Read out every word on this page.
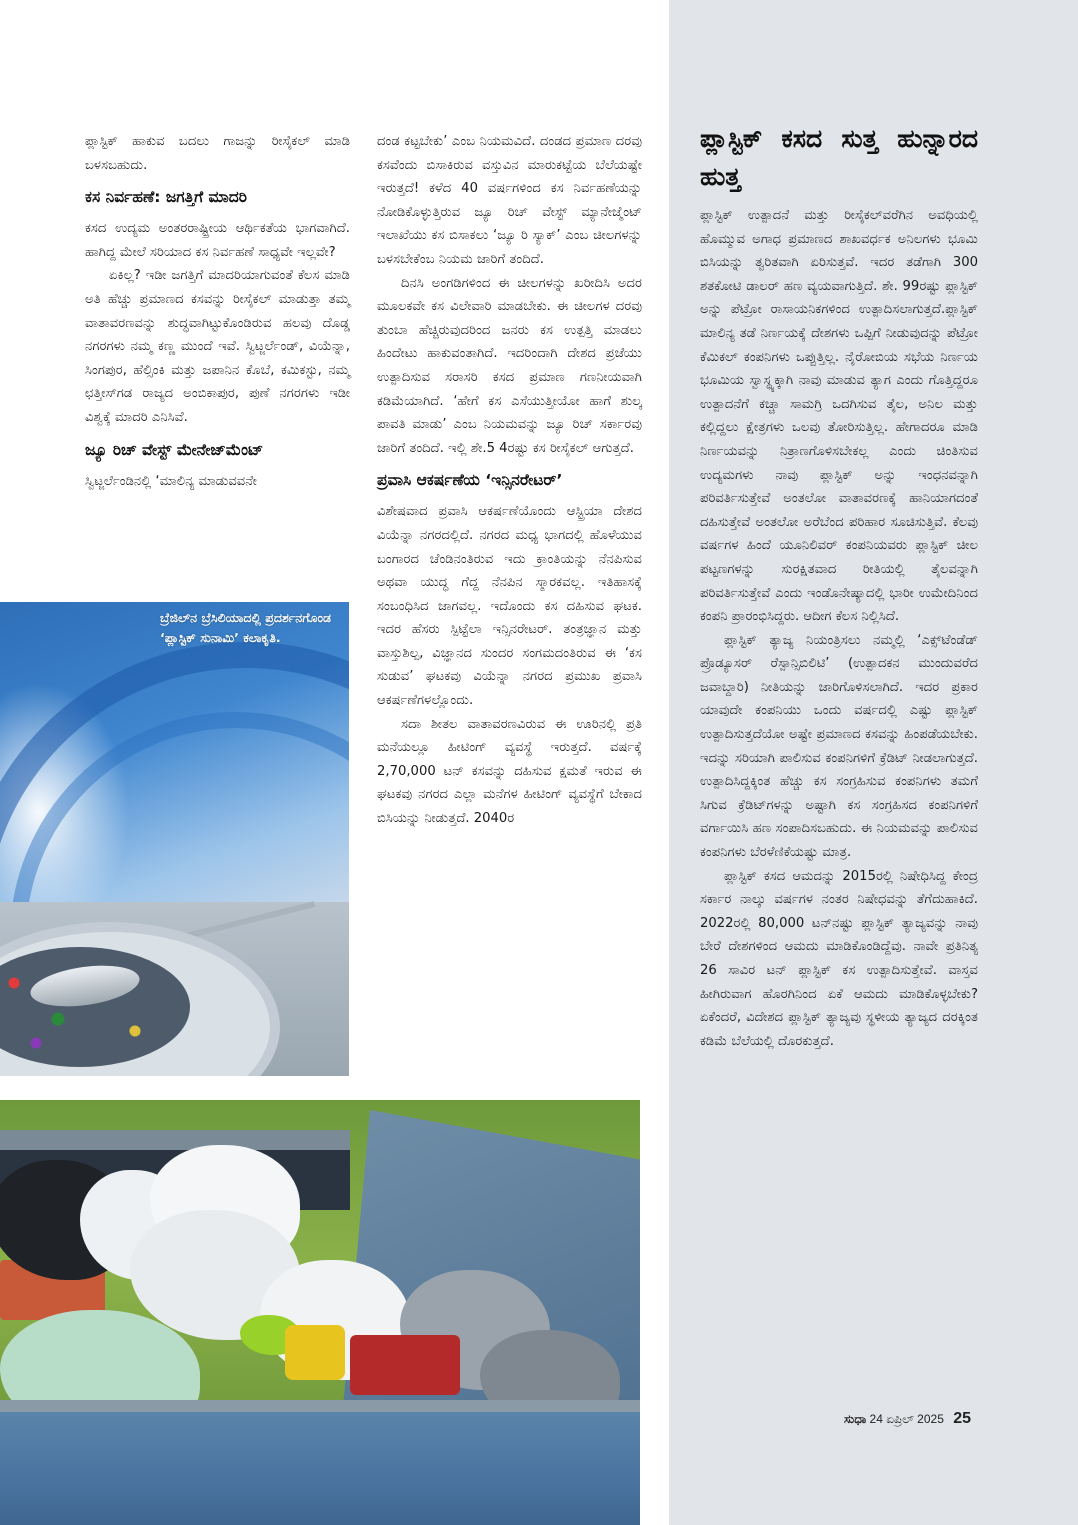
ಪ್ಲಾಸ್ಟಿಕ್ ಹಾಕುವ ಬದಲು ಗಾಜನ್ನು ರೀಸೈಕಲ್ ಮಾಡಿ ಬಳಸಬಹುದು.

ಕಸ ನಿರ್ವಹಣೆ: ಜಗತ್ತಿಗೆ ಮಾದರಿ

ಕಸದ ಉದ್ಯಮ ಅಂತರರಾಷ್ಟ್ರೀಯ ಆರ್ಥಿಕತೆಯ ಭಾಗವಾಗಿದೆ. ಹಾಗಿದ್ದ ಮೇಲೆ ಸರಿಯಾದ ಕಸ ನಿರ್ವಹಣೆ ಸಾಧ್ಯವೇ ಇಲ್ಲವೇ?

ಏಕಿಲ್ಲ? ಇಡೀ ಜಗತ್ತಿಗೆ ಮಾದರಿಯಾಗುವಂತೆ ಕೆಲಸ ಮಾಡಿ ಅತಿ ಹೆಚ್ಚು ಪ್ರಮಾಣದ ಕಸವನ್ನು ರೀಸೈಕಲ್ ಮಾಡುತ್ತಾ ತಮ್ಮ ವಾತಾವರಣವನ್ನು ಶುದ್ಧವಾಗಿಟ್ಟುಕೊಂಡಿರುವ ಹಲವು ದೊಡ್ಡ ನಗರಗಳು ನಮ್ಮ ಕಣ್ಣ ಮುಂದೆ ಇವೆ. ಸ್ವಿಟ್ಜರ್ಲೆಂಡ್, ವಿಯೆನ್ನಾ, ಸಿಂಗಪುರ, ಹೆಲ್ಸಿಂಕಿ ಮತ್ತು ಜಪಾನಿನ ಕೊಬೆ, ಕಮಿಕಸ್ಟು, ನಮ್ಮ ಛತ್ತೀಸ್‌ಗಡ ರಾಜ್ಯದ ಅಂಬಿಕಾಪುರ, ಪುಣೆ ನಗರಗಳು ಇಡೀ ವಿಶ್ವಕ್ಕೆ ಮಾದರಿ ಎನಿಸಿವೆ.

ಜ್ಯೂ ರಿಚ್ ವೇಸ್ಟ್ ಮೇನೇಜ್‌ಮೆಂಟ್

ಸ್ವಿಟ್ಜರ್ಲೆಂಡಿನಲ್ಲಿ ‘ಮಾಲಿನ್ಯ ಮಾಡುವವನೇ

ದಂಡ ಕಟ್ಟಬೇಕು’ ಎಂಬ ನಿಯಮವಿದೆ. ದಂಡದ ಪ್ರಮಾಣ ದರವು ಕಸವೆಂದು ಬಿಸಾಕಿರುವ ವಸ್ತುವಿನ ಮಾರುಕಟ್ಟೆಯ ಬೆಲೆಯಷ್ಟೇ ಇರುತ್ತದೆ! ಕಳೆದ 40 ವರ್ಷಗಳಿಂದ ಕಸ ನಿರ್ವಹಣೆಯನ್ನು ನೋಡಿಕೊಳ್ಳುತ್ತಿರುವ ಜ್ಯೂ ರಿಚ್ ವೇಸ್ಟ್ ಮ್ಯಾನೇಜ್ಮೆಂಟ್ ಇಲಾಖೆಯು ಕಸ ಬಿಸಾಕಲು ‘ಜ್ಯೂ ರಿ ಸ್ಯಾಕ್’ ಎಂಬ ಚೀಲಗಳನ್ನು ಬಳಸಬೇಕೆಂಬ ನಿಯಮ ಜಾರಿಗೆ ತಂದಿದೆ.

ದಿನಸಿ ಅಂಗಡಿಗಳಿಂದ ಈ ಚೀಲಗಳನ್ನು ಖರೀದಿಸಿ ಅದರ ಮೂಲಕವೇ ಕಸ ವಿಲೇವಾರಿ ಮಾಡಬೇಕು. ಈ ಚೀಲಗಳ ದರವು ತುಂಬಾ ಹೆಚ್ಚಿರುವುದರಿಂದ ಜನರು ಕಸ ಉತ್ಪತ್ತಿ ಮಾಡಲು ಹಿಂದೇಟು ಹಾಕುವಂತಾಗಿದೆ. ಇದರಿಂದಾಗಿ ದೇಶದ ಪ್ರಜೆಯು ಉತ್ಪಾದಿಸುವ ಸರಾಸರಿ ಕಸದ ಪ್ರಮಾಣ ಗಣನೀಯವಾಗಿ ಕಡಿಮೆಯಾಗಿದೆ. ‘ಹೇಗೆ ಕಸ ಎಸೆಯುತ್ತೀಯೋ ಹಾಗೆ ಶುಲ್ಕ ಪಾವತಿ ಮಾಡು’ ಎಂಬ ನಿಯಮವನ್ನು ಜ್ಯೂ ರಿಚ್ ಸರ್ಕಾರವು ಜಾರಿಗೆ ತಂದಿದೆ. ಇಲ್ಲಿ ಶೇ.5 4ರಷ್ಟು ಕಸ ರೀಸೈಕಲ್ ಆಗುತ್ತದೆ.

ಪ್ರವಾಸಿ ಆಕರ್ಷಣೆಯ ‘ಇನ್ಸಿನರೇಟರ್’

ವಿಶೇಷವಾದ ಪ್ರವಾಸಿ ಆಕರ್ಷಣೆಯೊಂದು ಆಸ್ಟ್ರಿಯಾ ದೇಶದ ವಿಯೆನ್ನಾ ನಗರದಲ್ಲಿದೆ. ನಗರದ ಮಧ್ಯ ಭಾಗದಲ್ಲಿ ಹೊಳೆಯುವ ಬಂಗಾರದ ಚೆಂಡಿನಂತಿರುವ ಇದು ಕ್ರಾಂತಿಯನ್ನು ನೆನಪಿಸುವ ಅಥವಾ ಯುದ್ಧ ಗೆದ್ದ ನೆನಪಿನ ಸ್ಮಾರಕವಲ್ಲ. ಇತಿಹಾಸಕ್ಕೆ ಸಂಬಂಧಿಸಿದ ಜಾಗವಲ್ಲ. ಇದೊಂದು ಕಸ ದಹಿಸುವ ಘಟಕ. ಇದರ ಹೆಸರು ಸ್ಪಿಟ್ಟೆಲಾ ಇನ್ಸಿನರೇಟರ್. ತಂತ್ರಜ್ಞಾನ ಮತ್ತು ವಾಸ್ತುಶಿಲ್ಪ, ವಿಜ್ಞಾನದ ಸುಂದರ ಸಂಗಮದಂತಿರುವ ಈ ‘ಕಸ ಸುಡುವ’ ಘಟಕವು ವಿಯೆನ್ನಾ ನಗರದ ಪ್ರಮುಖ ಪ್ರವಾಸಿ ಆಕರ್ಷಣೆಗಳಲ್ಲೊಂದು.

ಸದಾ ಶೀತಲ ವಾತಾವರಣವಿರುವ ಈ ಊರಿನಲ್ಲಿ ಪ್ರತಿ ಮನೆಯಲ್ಲೂ ಹೀಟಿಂಗ್ ವ್ಯವಸ್ಥೆ ಇರುತ್ತದೆ. ವರ್ಷಕ್ಕೆ 2,70,000 ಟನ್ ಕಸವನ್ನು ದಹಿಸುವ ಕ್ಷಮತೆ ಇರುವ ಈ ಘಟಕವು ನಗರದ ಎಲ್ಲಾ ಮನೆಗಳ ಹೀಟಿಂಗ್ ವ್ಯವಸ್ಥೆಗೆ ಬೇಕಾದ ಬಿಸಿಯನ್ನು ನೀಡುತ್ತದೆ. 2040ರ

ಪ್ಲಾಸ್ಟಿಕ್ ಕಸದ ಸುತ್ತ ಹುನ್ನಾರದ ಹುತ್ತ

ಪ್ಲಾಸ್ಟಿಕ್ ಉತ್ಪಾದನೆ ಮತ್ತು ರೀಸೈಕಲ್‌ವರೆಗಿನ ಅವಧಿಯಲ್ಲಿ ಹೊಮ್ಮುವ ಅಗಾಧ ಪ್ರಮಾಣದ ಶಾಖವರ್ಧಕ ಅನಿಲಗಳು ಭೂಮಿ ಬಿಸಿಯನ್ನು ತ್ವರಿತವಾಗಿ ಏರಿಸುತ್ತವೆ. ಇದರ ತಡೆಗಾಗಿ 300 ಶತಕೋಟಿ ಡಾಲರ್ ಹಣ ವ್ಯಯವಾಗುತ್ತಿದೆ. ಶೇ. 99ರಷ್ಟು ಪ್ಲಾಸ್ಟಿಕ್ ಅನ್ನು ಪೆಟ್ರೋ ರಾಸಾಯನಿಕಗಳಿಂದ ಉತ್ಪಾದಿಸಲಾಗುತ್ತದೆ.ಪ್ಲಾಸ್ಟಿಕ್ ಮಾಲಿನ್ಯ ತಡೆ ನಿರ್ಣಯಕ್ಕೆ ದೇಶಗಳು ಒಪ್ಪಿಗೆ ನೀಡುವುದನ್ನು ಪೆಟ್ರೋ ಕೆಮಿಕಲ್ ಕಂಪನಿಗಳು ಒಪ್ಪುತ್ತಿಲ್ಲ. ನೈರೋಬಿಯ ಸಭೆಯ ನಿರ್ಣಯ ಭೂಮಿಯ ಸ್ವಾಸ್ಥ್ಯಕ್ಕಾಗಿ ನಾವು ಮಾಡುವ ತ್ಯಾಗ ಎಂದು ಗೊತ್ತಿದ್ದರೂ ಉತ್ಪಾದನೆಗೆ ಕಚ್ಚಾ ಸಾಮಗ್ರಿ ಒದಗಿಸುವ ತೈಲ, ಅನಿಲ ಮತ್ತು ಕಲ್ಲಿದ್ದಲು ಕ್ಷೇತ್ರಗಳು ಒಲವು ತೋರಿಸುತ್ತಿಲ್ಲ. ಹೇಗಾದರೂ ಮಾಡಿ ನಿರ್ಣಯವನ್ನು ನಿತ್ರಾಣಗೊಳಿಸಬೇಕಲ್ಲ ಎಂದು ಚಿಂತಿಸುವ ಉದ್ಯಮಗಳು ನಾವು ಪ್ಲಾಸ್ಟಿಕ್ ಅನ್ನು ಇಂಧನವನ್ನಾಗಿ ಪರಿವರ್ತಿಸುತ್ತೇವೆ ಅಂತಲೋ ವಾತಾವರಣಕ್ಕೆ ಹಾನಿಯಾಗದಂತೆ ದಹಿಸುತ್ತೇವೆ ಅಂತಲೋ ಅರೆಬೆಂದ ಪರಿಹಾರ ಸೂಚಿಸುತ್ತಿವೆ. ಕೆಲವು ವರ್ಷಗಳ ಹಿಂದೆ ಯೂನಿಲಿವರ್ ಕಂಪನಿಯವರು ಪ್ಲಾಸ್ಟಿಕ್ ಚೀಲ ಪಟ್ಟಣಗಳನ್ನು ಸುರಕ್ಷಿತವಾದ ರೀತಿಯಲ್ಲಿ ತೈಲವನ್ನಾಗಿ ಪರಿವರ್ತಿಸುತ್ತೇವೆ ಎಂದು ಇಂಡೊನೇಷ್ಯಾದಲ್ಲಿ ಭಾರೀ ಉಮೇದಿನಿಂದ ಕಂಪನಿ ಪ್ರಾರಂಭಿಸಿದ್ದರು. ಆದೀಗ ಕೆಲಸ ನಿಲ್ಲಿಸಿದೆ.

ಪ್ಲಾಸ್ಟಿಕ್ ತ್ಯಾಜ್ಯ ನಿಯಂತ್ರಿಸಲು ನಮ್ಮಲ್ಲಿ ‘ಎಕ್ಸ್‌ಟೆಂಡೆಡ್ ಪ್ರೊಡ್ಯೂಸರ್ ರೆಸ್ಪಾನ್ಸಿಬಿಲಿಟಿ’ (ಉತ್ಪಾದಕನ ಮುಂದುವರೆದ ಜವಾಬ್ದಾರಿ) ನೀತಿಯನ್ನು ಜಾರಿಗೊಳಿಸಲಾಗಿದೆ. ಇದರ ಪ್ರಕಾರ ಯಾವುದೇ ಕಂಪನಿಯು ಒಂದು ವರ್ಷದಲ್ಲಿ ಎಷ್ಟು ಪ್ಲಾಸ್ಟಿಕ್ ಉತ್ಪಾದಿಸುತ್ತದೆಯೋ ಅಷ್ಟೇ ಪ್ರಮಾಣದ ಕಸವನ್ನು ಹಿಂಪಡೆಯಬೇಕು. ಇದನ್ನು ಸರಿಯಾಗಿ ಪಾಲಿಸುವ ಕಂಪನಿಗಳಿಗೆ ಕ್ರೆಡಿಟ್ ನೀಡಲಾಗುತ್ತದೆ. ಉತ್ಪಾದಿಸಿದ್ದಕ್ಕಿಂತ ಹೆಚ್ಚು ಕಸ ಸಂಗ್ರಹಿಸುವ ಕಂಪನಿಗಳು ತಮಗೆ ಸಿಗುವ ಕ್ರೆಡಿಟ್‌ಗಳನ್ನು ಅಷ್ಟಾಗಿ ಕಸ ಸಂಗ್ರಹಿಸದ ಕಂಪನಿಗಳಿಗೆ ವರ್ಗಾಯಿಸಿ ಹಣ ಸಂಪಾದಿಸಬಹುದು. ಈ ನಿಯಮವನ್ನು ಪಾಲಿಸುವ ಕಂಪನಿಗಳು ಬೆರಳೆಣಿಕೆಯಷ್ಟು ಮಾತ್ರ.

ಪ್ಲಾಸ್ಟಿಕ್ ಕಸದ ಆಮದನ್ನು 2015ರಲ್ಲಿ ನಿಷೇಧಿಸಿದ್ದ ಕೇಂದ್ರ ಸರ್ಕಾರ ನಾಲ್ಕು ವರ್ಷಗಳ ನಂತರ ನಿಷೇಧವನ್ನು ತೆಗೆದುಹಾಕಿದೆ. 2022ರಲ್ಲಿ 80,000 ಟನ್‌ನಷ್ಟು ಪ್ಲಾಸ್ಟಿಕ್ ತ್ಯಾಜ್ಯವನ್ನು ನಾವು ಬೇರೆ ದೇಶಗಳಿಂದ ಆಮದು ಮಾಡಿಕೊಂಡಿದ್ದೆವು. ನಾವೇ ಪ್ರತಿನಿತ್ಯ 26 ಸಾವಿರ ಟನ್ ಪ್ಲಾಸ್ಟಿಕ್ ಕಸ ಉತ್ಪಾದಿಸುತ್ತೇವೆ. ವಾಸ್ತವ ಹೀಗಿರುವಾಗ ಹೊರಗಿನಿಂದ ಏಕೆ ಆಮದು ಮಾಡಿಕೊಳ್ಳಬೇಕು? ಏಕೆಂದರೆ, ವಿದೇಶದ ಪ್ಲಾಸ್ಟಿಕ್ ತ್ಯಾಜ್ಯವು ಸ್ಥಳೀಯ ತ್ಯಾಜ್ಯದ ದರಕ್ಕಿಂತ ಕಡಿಮೆ ಬೆಲೆಯಲ್ಲಿ ದೊರಕುತ್ತದೆ.

ಬ್ರೆಜಿಲ್‌ನ ಬ್ರೆಸಿಲಿಯಾದಲ್ಲಿ ಪ್ರದರ್ಶನಗೊಂಡ ‘ಪ್ಲಾಸ್ಟಿಕ್ ಸುನಾಮಿ’ ಕಲಾಕೃತಿ.
ಸುಧಾ 24 ಏಪ್ರಿಲ್ 2025 25
